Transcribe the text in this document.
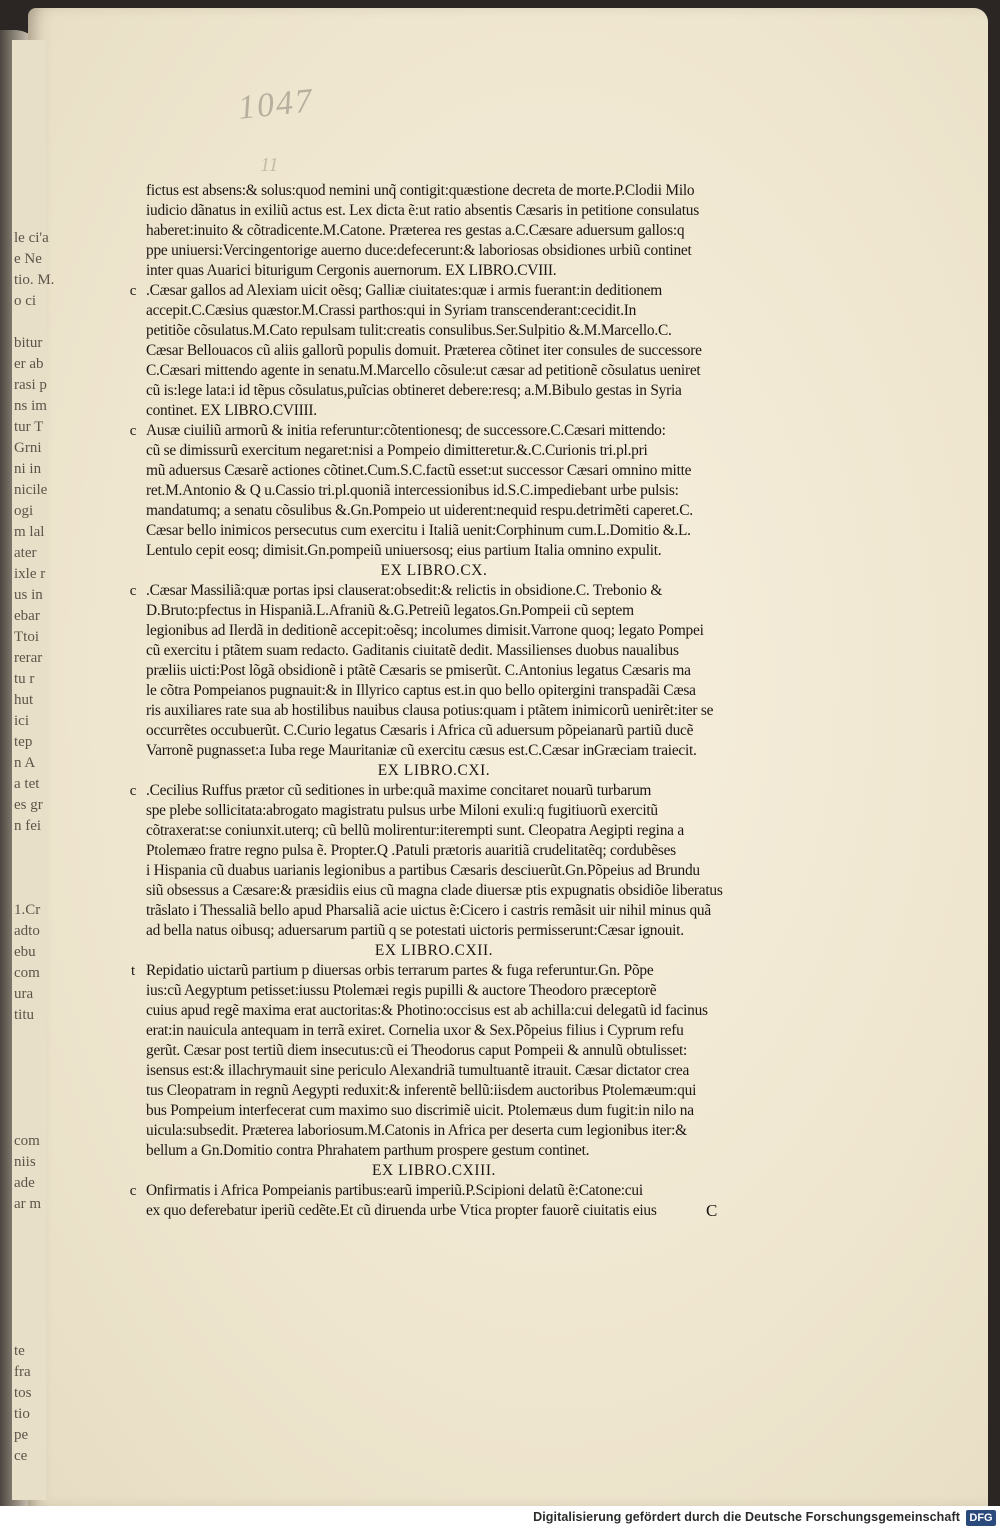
1047
11
fictus est absens:& solus:quod nemini unq̃ contigit:quæstione decreta de morte.P.Clodii Milo
iudicio dãnatus in exiliũ actus est. Lex dicta ẽ:ut ratio absentis Cæsaris in petitione consulatus
haberet:inuito & cõtradicente.M.Catone. Præterea res gestas a.C.Cæsare aduersum gallos:q
ppe uniuersi:Vercingentorige auerno duce:defecerunt:& laboriosas obsidiones urbiũ continet
inter quas Auarici biturigum Cergonis auernorum. EX LIBRO.CVIII.
c .Cæsar gallos ad Alexiam uicit oẽsq; Galliæ ciuitates:quæ i armis fuerant:in deditionem
accepit.C.Cæsius quæstor.M.Crassi parthos:qui in Syriam transcenderant:cecidit.In
petitiõe cõsulatus.M.Cato repulsam tulit:creatis consulibus.Ser.Sulpitio &.M.Marcello.C.
Cæsar Bellouacos cũ aliis gallorũ populis domuit. Præterea cõtinet iter consules de successore
C.Cæsari mittendo agente in senatu.M.Marcello cõsule:ut cæsar ad petitionẽ cõsulatus ueniret
cũ is:lege lata:i id tẽpus cõsulatus,puĩcias obtineret debere:resq; a.M.Bibulo gestas in Syria
continet. EX LIBRO.CVIIII.
c Ausæ ciuiliũ armorũ & initia referuntur:cõtentionesq; de successore.C.Cæsari mittendo:
cũ se dimissurũ exercitum negaret:nisi a Pompeio dimitteretur.&.C.Curionis tri.pl.pri
mũ aduersus Cæsarẽ actiones cõtinet.Cum.S.C.factũ esset:ut successor Cæsari omnino mitte
ret.M.Antonio & Q u.Cassio tri.pl.quoniã intercessionibus id.S.C.impediebant urbe pulsis:
mandatumq; a senatu cõsulibus &.Gn.Pompeio ut uiderent:nequid respu.detrimẽti caperet.C.
Cæsar bello inimicos persecutus cum exercitu i Italiã uenit:Corphinum cum.L.Domitio &.L.
Lentulo cepit eosq; dimisit.Gn.pompeiũ uniuersosq; eius partium Italia omnino expulit.
EX LIBRO.CX.
c .Cæsar Massiliã:quæ portas ipsi clauserat:obsedit:& relictis in obsidione.C. Trebonio &
D.Bruto:pfectus in Hispaniã.L.Afraniũ &.G.Petreiũ legatos.Gn.Pompeii cũ septem
legionibus ad Ilerdã in deditionẽ accepit:oẽsq; incolumes dimisit.Varrone quoq; legato Pompei
cũ exercitu i ptãtem suam redacto. Gaditanis ciuitatẽ dedit. Massilienses duobus naualibus
præliis uicti:Post lõgã obsidionẽ i ptãtẽ Cæsaris se pmiserũt. C.Antonius legatus Cæsaris ma
le cõtra Pompeianos pugnauit:& in Illyrico captus est.in quo bello opitergini transpadãi Cæsa
ris auxiliares rate sua ab hostilibus nauibus clausa potius:quam i ptãtem inimicorũ uenirẽt:iter se
occurrẽtes occubuerũt. C.Curio legatus Cæsaris i Africa cũ aduersum põpeianarũ partiũ ducẽ
Varronẽ pugnasset:a Iuba rege Mauritaniæ cũ exercitu cæsus est.C.Cæsar inGræciam traiecit.
EX LIBRO.CXI.
c .Cecilius Ruffus prætor cũ seditiones in urbe:quã maxime concitaret nouarũ turbarum
spe plebe sollicitata:abrogato magistratu pulsus urbe Miloni exuli:q fugitiuorũ exercitũ
cõtraxerat:se coniunxit.uterq; cũ bellũ molirentur:iterempti sunt. Cleopatra Aegipti regina a
Ptolemæo fratre regno pulsa ẽ. Propter.Q .Patuli prætoris auaritiã crudelitatẽq; cordubẽses
i Hispania cũ duabus uarianis legionibus a partibus Cæsaris desciuerũt.Gn.Põpeius ad Brundu
siũ obsessus a Cæsare:& præsidiis eius cũ magna clade diuersæ ptis expugnatis obsidiõe liberatus
trãslato i Thessaliã bello apud Pharsaliã acie uictus ẽ:Cicero i castris remãsit uir nihil minus quã
ad bella natus oibusq; aduersarum partiũ q se potestati uictoris permisserunt:Cæsar ignouit.
EX LIBRO.CXII.
t Repidatio uictarũ partium p diuersas orbis terrarum partes & fuga referuntur.Gn. Põpe
ius:cũ Aegyptum petisset:iussu Ptolemæi regis pupilli & auctore Theodoro præceptorẽ
cuius apud regẽ maxima erat auctoritas:& Photino:occisus est ab achilla:cui delegatũ id facinus
erat:in nauicula antequam in terrã exiret. Cornelia uxor & Sex.Põpeius filius i Cyprum refu
gerũt. Cæsar post tertiũ diem insecutus:cũ ei Theodorus caput Pompeii & annulũ obtulisset:
isensus est:& illachrymauit sine periculo Alexandriã tumultuantẽ itrauit. Cæsar dictator crea
tus Cleopatram in regnũ Aegypti reduxit:& inferentẽ bellũ:iisdem auctoribus Ptolemæum:qui
bus Pompeium interfecerat cum maximo suo discrimiẽ uicit. Ptolemæus dum fugit:in nilo na
uicula:subsedit. Præterea laboriosum.M.Catonis in Africa per deserta cum legionibus iter:&
bellum a Gn.Domitio contra Phrahatem parthum prospere gestum continet.
EX LIBRO.CXIII.
c Onfirmatis i Africa Pompeianis partibus:earũ imperiũ.P.Scipioni delatũ ẽ:Catone:cui
ex quo deferebatur iperiũ cedẽte.Et cũ diruenda urbe Vtica propter fauorẽ ciuitatis eius	C
le ci'a
e Ne
tio. M.
o ci
bitur
er ab
rasi p
ns im
tur T
Grni
ni in
nicile
ogi
m lal
ater
ixle r
us in
ebar
Ttoi
rerar
tu r
hut
ici
tep
n A
a tet
es gr
n fei
1.Cr
adto
ebu
com
ura
titu
com
niis
ade
ar m
te
fra
tos
tio
pe
ce
Digitalisierung gefördert durch die Deutsche Forschungsgemeinschaft DFG
